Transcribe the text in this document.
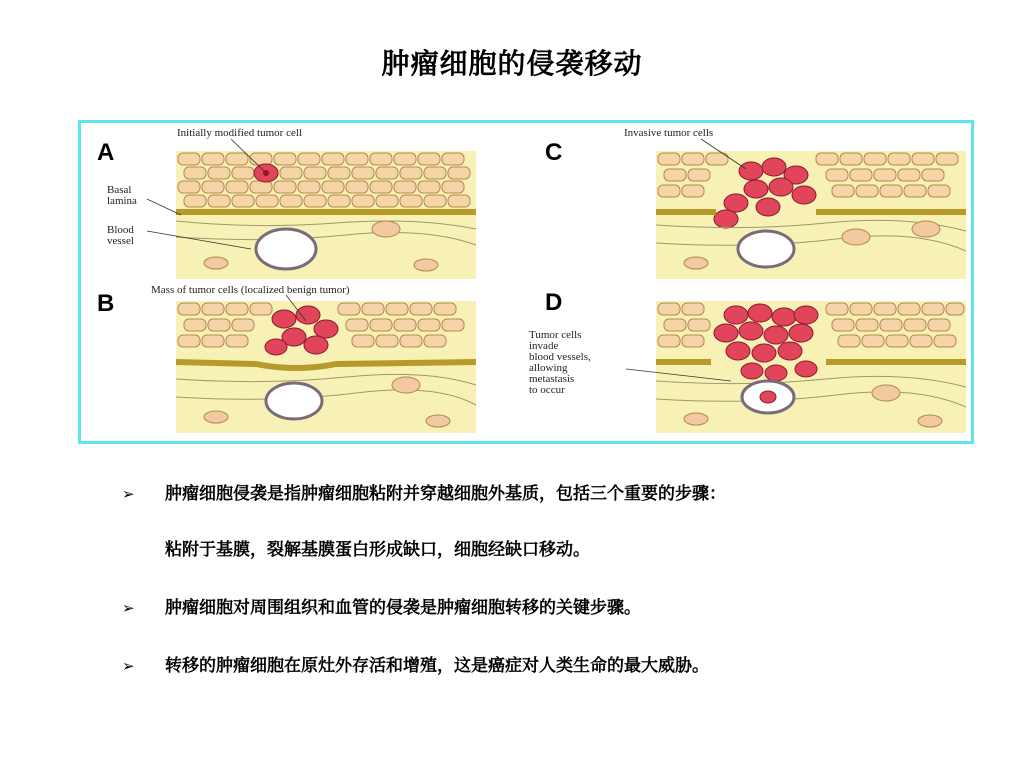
肿瘤细胞的侵袭移动
A	C
B	D
Initially modified tumor cell
Basal
lamina
Blood
vessel
Invasive tumor cells
Mass of tumor cells (localized benign tumor)
Tumor cells
invade
blood vessels,
allowing
metastasis
to occur
➢ 肿瘤细胞侵袭是指肿瘤细胞粘附并穿越细胞外基质，包括三个重要的步骤：
粘附于基膜，裂解基膜蛋白形成缺口，细胞经缺口移动。
➢ 肿瘤细胞对周围组织和血管的侵袭是肿瘤细胞转移的关键步骤。
➢ 转移的肿瘤细胞在原灶外存活和增殖，这是癌症对人类生命的最大威胁。
